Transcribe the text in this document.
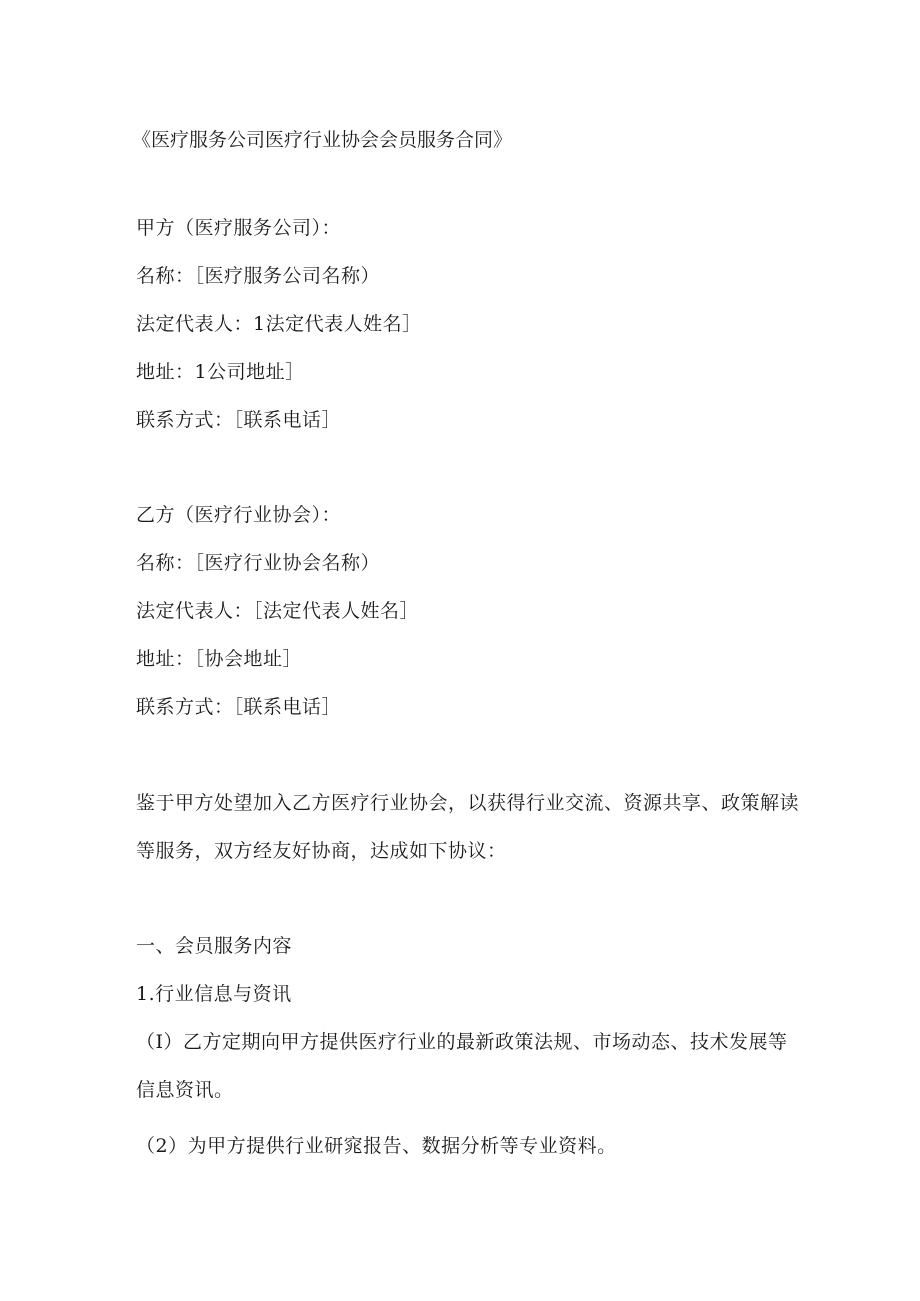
《医疗服务公司医疗行业协会会员服务合同》
甲方（医疗服务公司）：
名称：［医疗服务公司名称）
法定代表人：1法定代表人姓名］
地址：1公司地址］
联系方式：［联系电话］
乙方（医疗行业协会）：
名称：［医疗行业协会名称）
法定代表人：［法定代表人姓名］
地址：［协会地址］
联系方式：［联系电话］
鉴于甲方处望加入乙方医疗行业协会，以获得行业交流、资源共享、政策解读
等服务，双方经友好协商，达成如下协议：
一、会员服务内容
1.行业信息与资讯
（I）乙方定期向甲方提供医疗行业的最新政策法规、市场动态、技术发展等
信息资讯。
（2）为甲方提供行业研窕报告、数据分析等专业资料。
